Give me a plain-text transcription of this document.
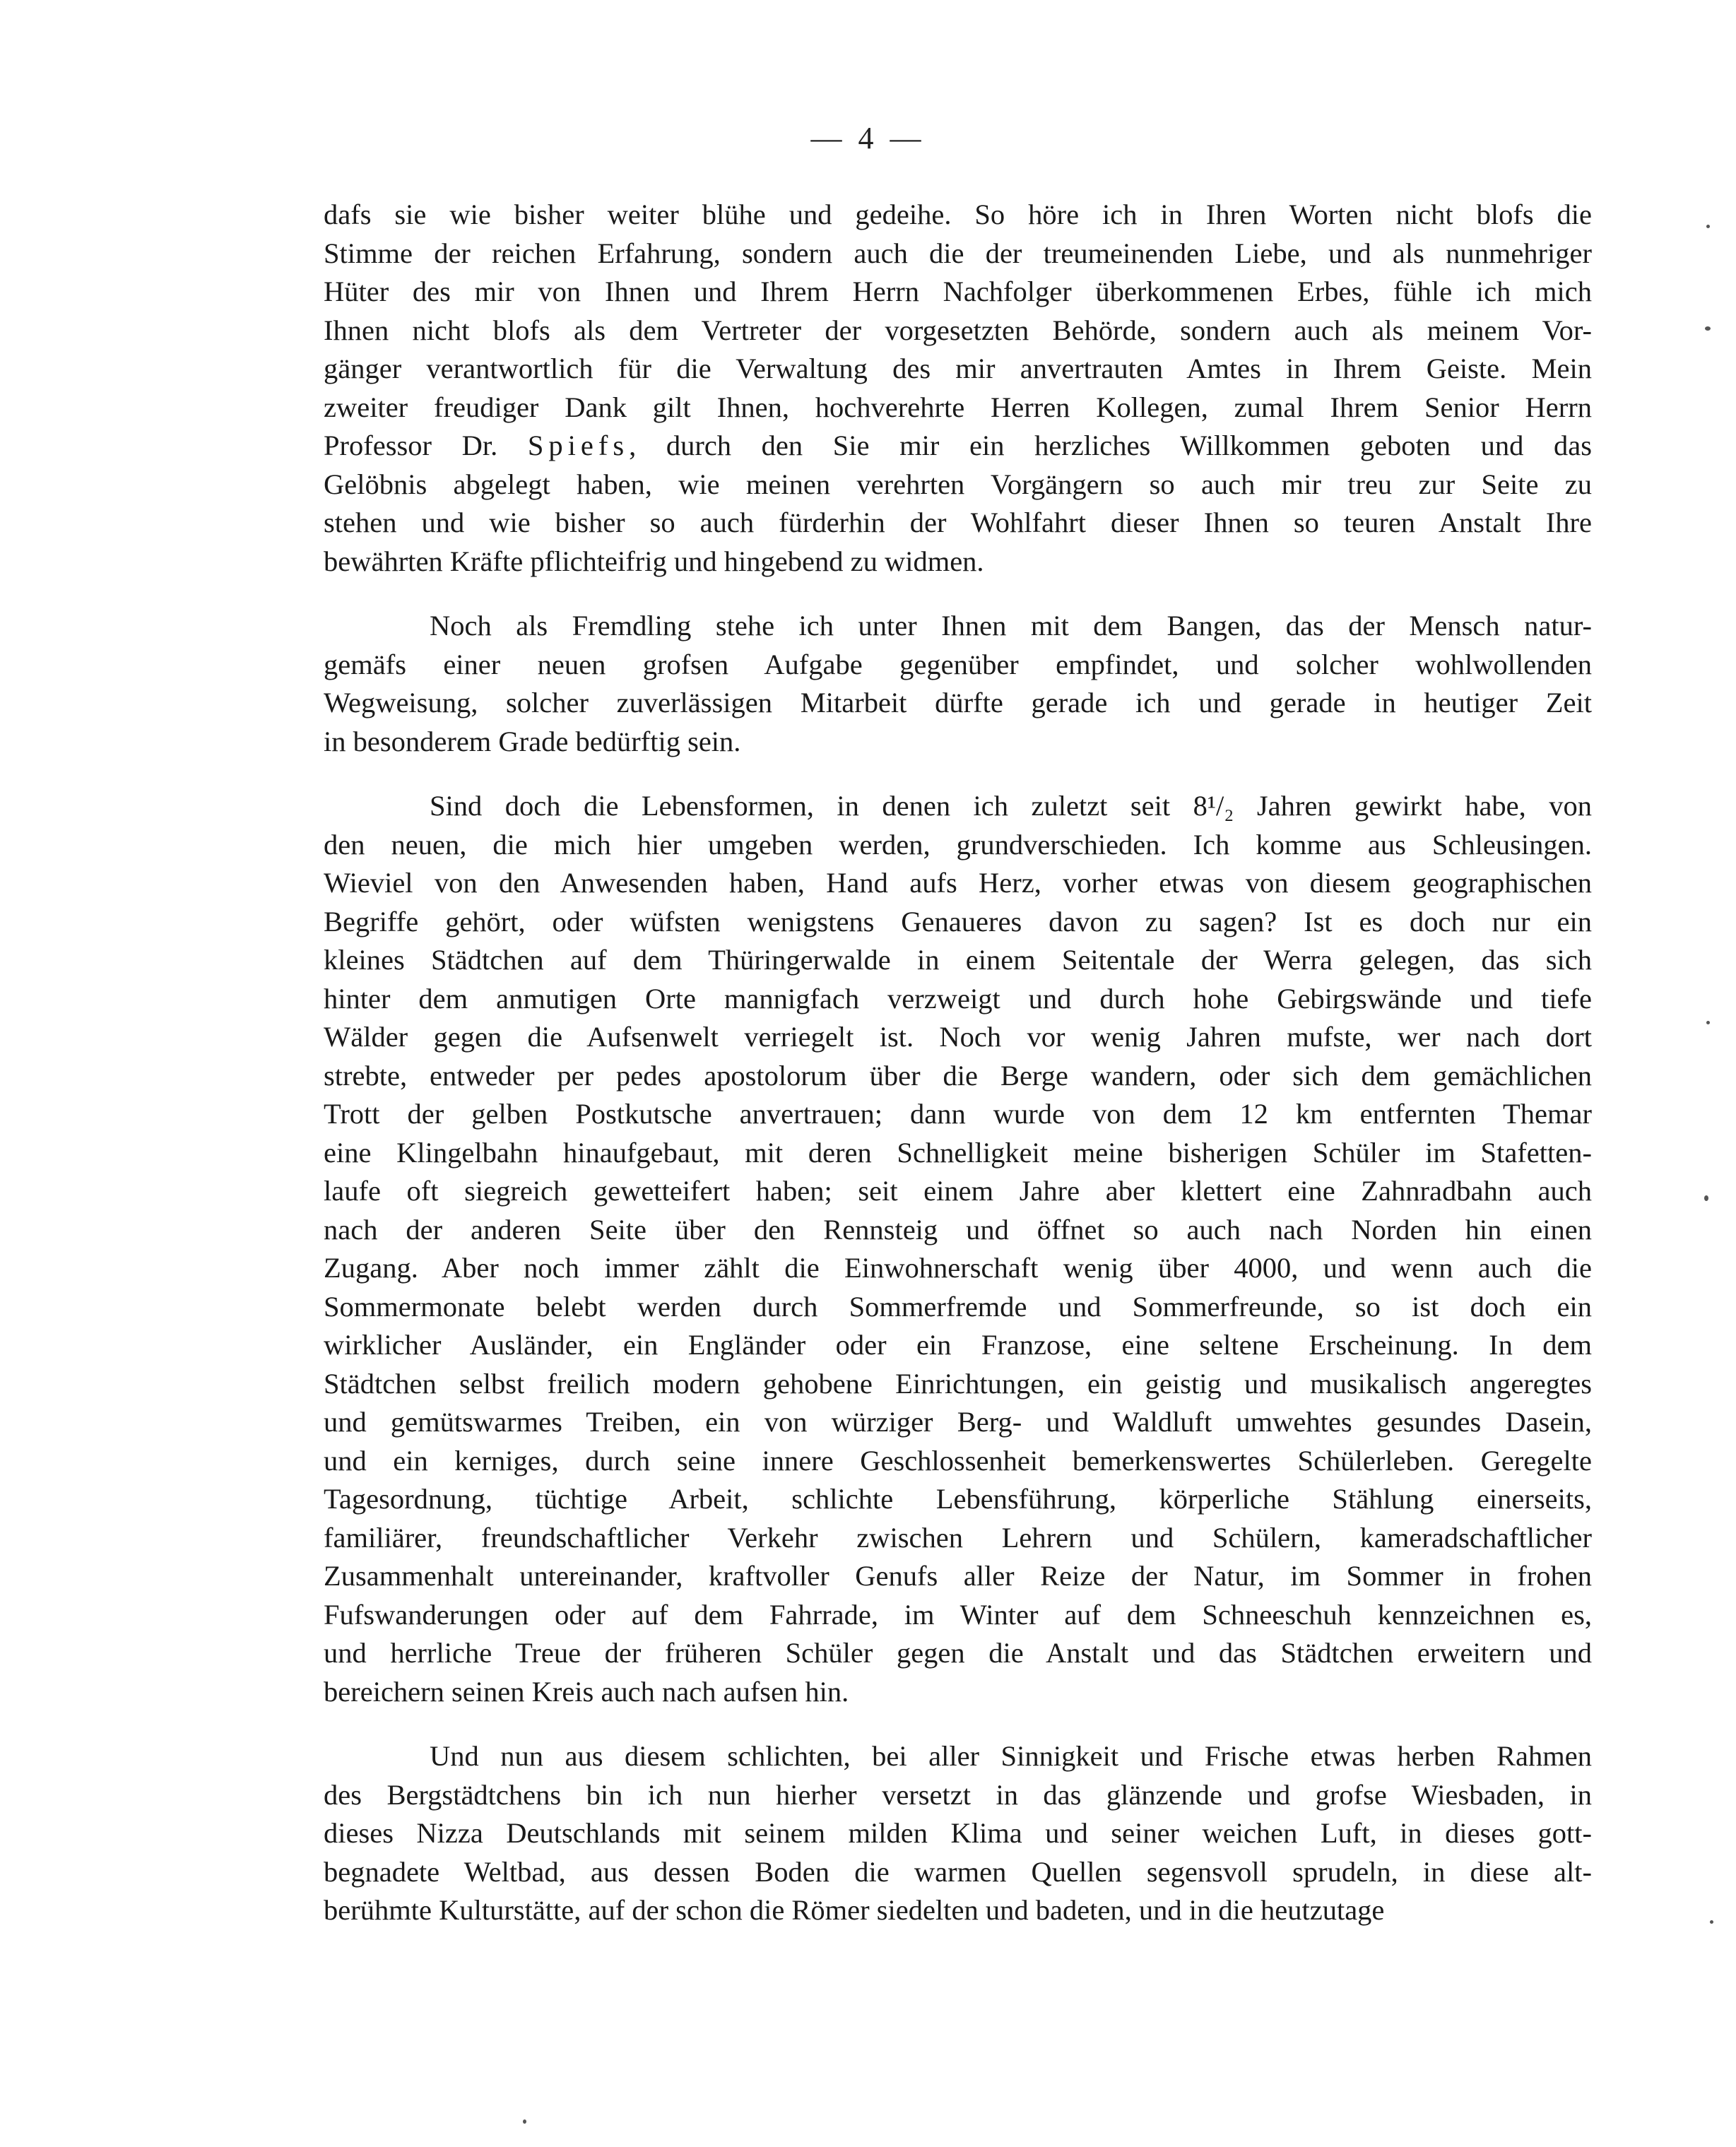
— 4 —
dafs sie wie bisher weiter blühe und gedeihe. So höre ich in Ihren Worten nicht blofs die
Stimme der reichen Erfahrung, sondern auch die der treumeinenden Liebe, und als nunmehriger
Hüter des mir von Ihnen und Ihrem Herrn Nachfolger überkommenen Erbes, fühle ich mich
Ihnen nicht blofs als dem Vertreter der vorgesetzten Behörde, sondern auch als meinem Vor-
gänger verantwortlich für die Verwaltung des mir anvertrauten Amtes in Ihrem Geiste. Mein
zweiter freudiger Dank gilt Ihnen, hochverehrte Herren Kollegen, zumal Ihrem Senior Herrn
Professor Dr. Spiefs, durch den Sie mir ein herzliches Willkommen geboten und das
Gelöbnis abgelegt haben, wie meinen verehrten Vorgängern so auch mir treu zur Seite zu
stehen und wie bisher so auch fürderhin der Wohlfahrt dieser Ihnen so teuren Anstalt Ihre
bewährten Kräfte pflichteifrig und hingebend zu widmen.
Noch als Fremdling stehe ich unter Ihnen mit dem Bangen, das der Mensch natur-
gemäfs einer neuen grofsen Aufgabe gegenüber empfindet, und solcher wohlwollenden
Wegweisung, solcher zuverlässigen Mitarbeit dürfte gerade ich und gerade in heutiger Zeit
in besonderem Grade bedürftig sein.
Sind doch die Lebensformen, in denen ich zuletzt seit 8¹/₂ Jahren gewirkt habe, von
den neuen, die mich hier umgeben werden, grundverschieden. Ich komme aus Schleusingen.
Wieviel von den Anwesenden haben, Hand aufs Herz, vorher etwas von diesem geographischen
Begriffe gehört, oder wüfsten wenigstens Genaueres davon zu sagen? Ist es doch nur ein
kleines Städtchen auf dem Thüringerwalde in einem Seitentale der Werra gelegen, das sich
hinter dem anmutigen Orte mannigfach verzweigt und durch hohe Gebirgswände und tiefe
Wälder gegen die Aufsenwelt verriegelt ist. Noch vor wenig Jahren mufste, wer nach dort
strebte, entweder per pedes apostolorum über die Berge wandern, oder sich dem gemächlichen
Trott der gelben Postkutsche anvertrauen; dann wurde von dem 12 km entfernten Themar
eine Klingelbahn hinaufgebaut, mit deren Schnelligkeit meine bisherigen Schüler im Stafetten-
laufe oft siegreich gewetteifert haben; seit einem Jahre aber klettert eine Zahnradbahn auch
nach der anderen Seite über den Rennsteig und öffnet so auch nach Norden hin einen
Zugang. Aber noch immer zählt die Einwohnerschaft wenig über 4000, und wenn auch die
Sommermonate belebt werden durch Sommerfremde und Sommerfreunde, so ist doch ein
wirklicher Ausländer, ein Engländer oder ein Franzose, eine seltene Erscheinung. In dem
Städtchen selbst freilich modern gehobene Einrichtungen, ein geistig und musikalisch angeregtes
und gemütswarmes Treiben, ein von würziger Berg- und Waldluft umwehtes gesundes Dasein,
und ein kerniges, durch seine innere Geschlossenheit bemerkenswertes Schülerleben. Geregelte
Tagesordnung, tüchtige Arbeit, schlichte Lebensführung, körperliche Stählung einerseits,
familiärer, freundschaftlicher Verkehr zwischen Lehrern und Schülern, kameradschaftlicher
Zusammenhalt untereinander, kraftvoller Genufs aller Reize der Natur, im Sommer in frohen
Fufswanderungen oder auf dem Fahrrade, im Winter auf dem Schneeschuh kennzeichnen es,
und herrliche Treue der früheren Schüler gegen die Anstalt und das Städtchen erweitern und
bereichern seinen Kreis auch nach aufsen hin.
Und nun aus diesem schlichten, bei aller Sinnigkeit und Frische etwas herben Rahmen
des Bergstädtchens bin ich nun hierher versetzt in das glänzende und grofse Wiesbaden, in
dieses Nizza Deutschlands mit seinem milden Klima und seiner weichen Luft, in dieses gott-
begnadete Weltbad, aus dessen Boden die warmen Quellen segensvoll sprudeln, in diese alt-
berühmte Kulturstätte, auf der schon die Römer siedelten und badeten, und in die heutzutage
